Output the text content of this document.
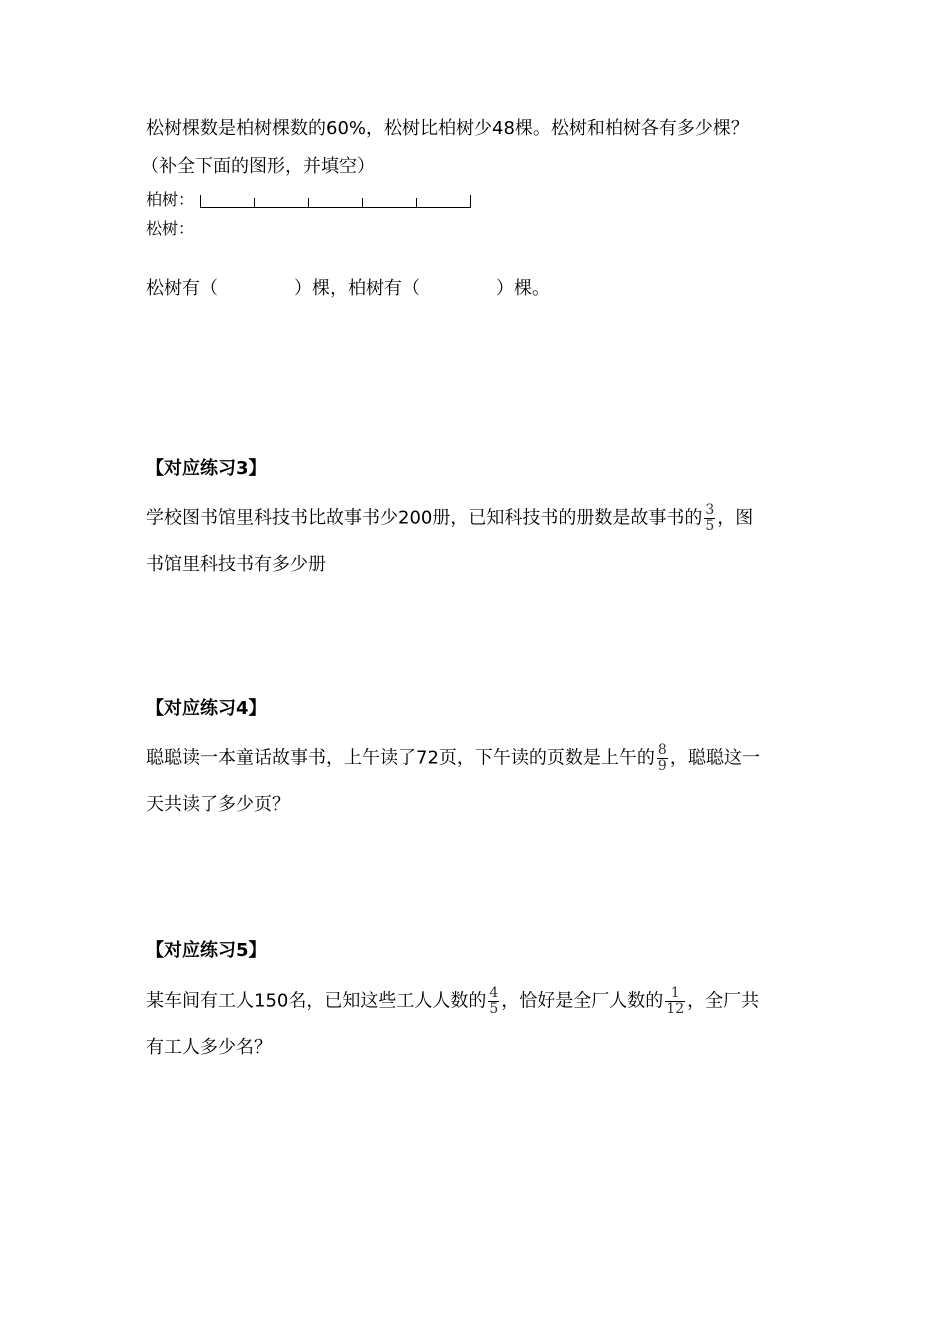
松树棵数是柏树棵数的60%，松树比柏树少48棵。松树和柏树各有多少棵？
（补全下面的图形，并填空）
柏树：
松树：
松树有（	）棵，柏树有（	）棵。
【对应练习3】
学校图书馆里科技书比故事书少200册，已知科技书的册数是故事书的 $\frac{3}{5}$ ，图
书馆里科技书有多少册
【对应练习4】
聪聪读一本童话故事书，上午读了72页，下午读的页数是上午的 $\frac{8}{9}$ ，聪聪这一
天共读了多少页？
【对应练习5】
某车间有工人150名，已知这些工人人数的 $\frac{4}{5}$ ，恰好是全厂人数的 $\frac{1}{12}$ ，全厂共
有工人多少名？
